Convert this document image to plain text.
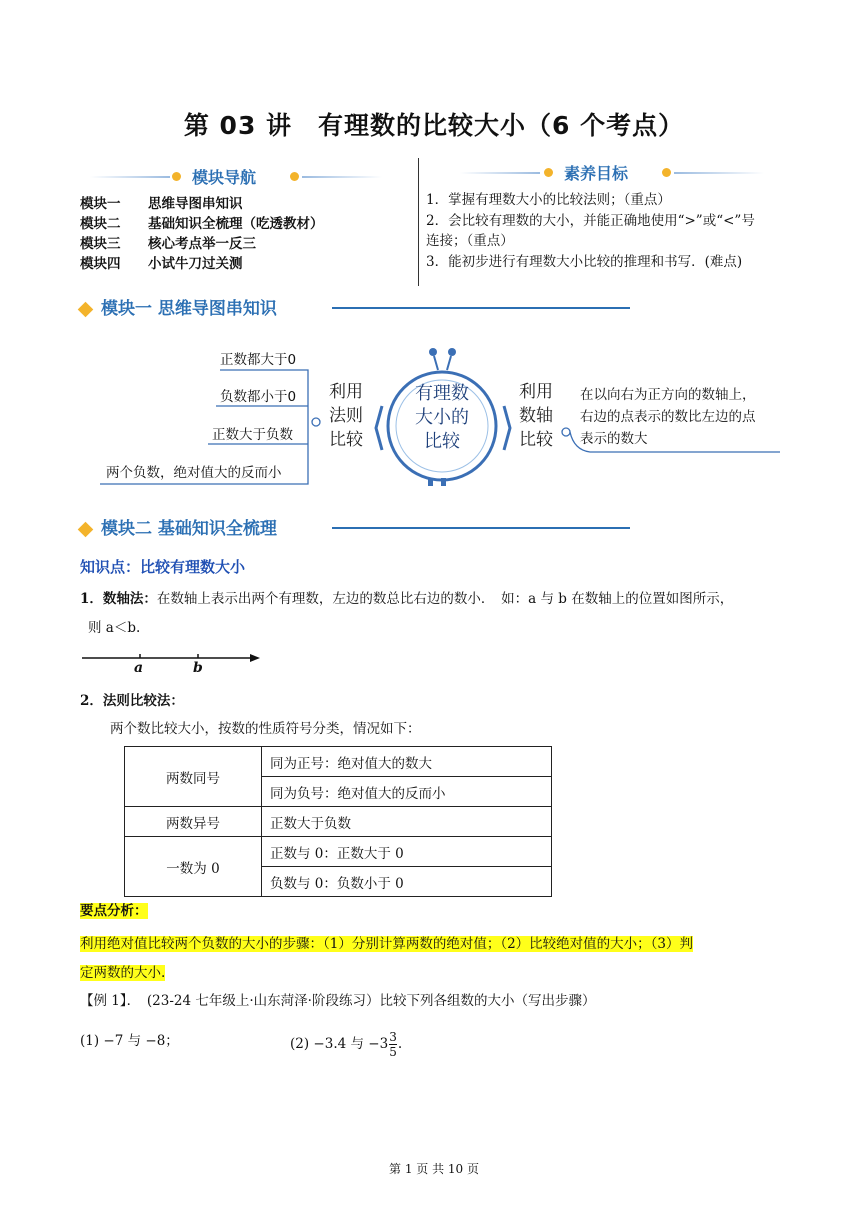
第 03 讲　有理数的比较大小（6 个考点）
模块导航
模块一 思维导图串知识
模块二 基础知识全梳理（吃透教材）
模块三 核心考点举一反三
模块四 小试牛刀过关测
素养目标
1．掌握有理数大小的比较法则；（重点）
2．会比较有理数的大小，并能正确地使用“>”或“<”号
连接；（重点）
3．能初步进行有理数大小比较的推理和书写．(难点)
模块一 思维导图串知识
正数都大于0
负数都小于0
正数大于负数
两个负数，绝对值大的反而小
利用
法则
比较
有理数
大小的
比较
利用
数轴
比较
在以向右为正方向的数轴上，
右边的点表示的数比左边的点
表示的数大
模块二 基础知识全梳理
知识点：比较有理数大小
1．数轴法：在数轴上表示出两个有理数，左边的数总比右边的数小．　如：a 与 b 在数轴上的位置如图所示，
则 a＜b.
a	b
2．法则比较法：
两个数比较大小，按数的性质符号分类，情况如下：
两数同号	同为正号：绝对值大的数大
	同为负号：绝对值大的反而小
两数异号	正数大于负数
一数为 0	正数与 0：正数大于 0
	负数与 0：负数小于 0
要点分析：
利用绝对值比较两个负数的大小的步骤：（1）分别计算两数的绝对值；（2）比较绝对值的大小；（3）判
定两数的大小.
【例 1】．　 (23-24 七年级上·山东菏泽·阶段练习）比较下列各组数的大小（写出步骤）
(1) −7 与 −8；	(2) −3.4 与 $-3 \frac{3}{5}$ .
第 1 页 共 10 页
